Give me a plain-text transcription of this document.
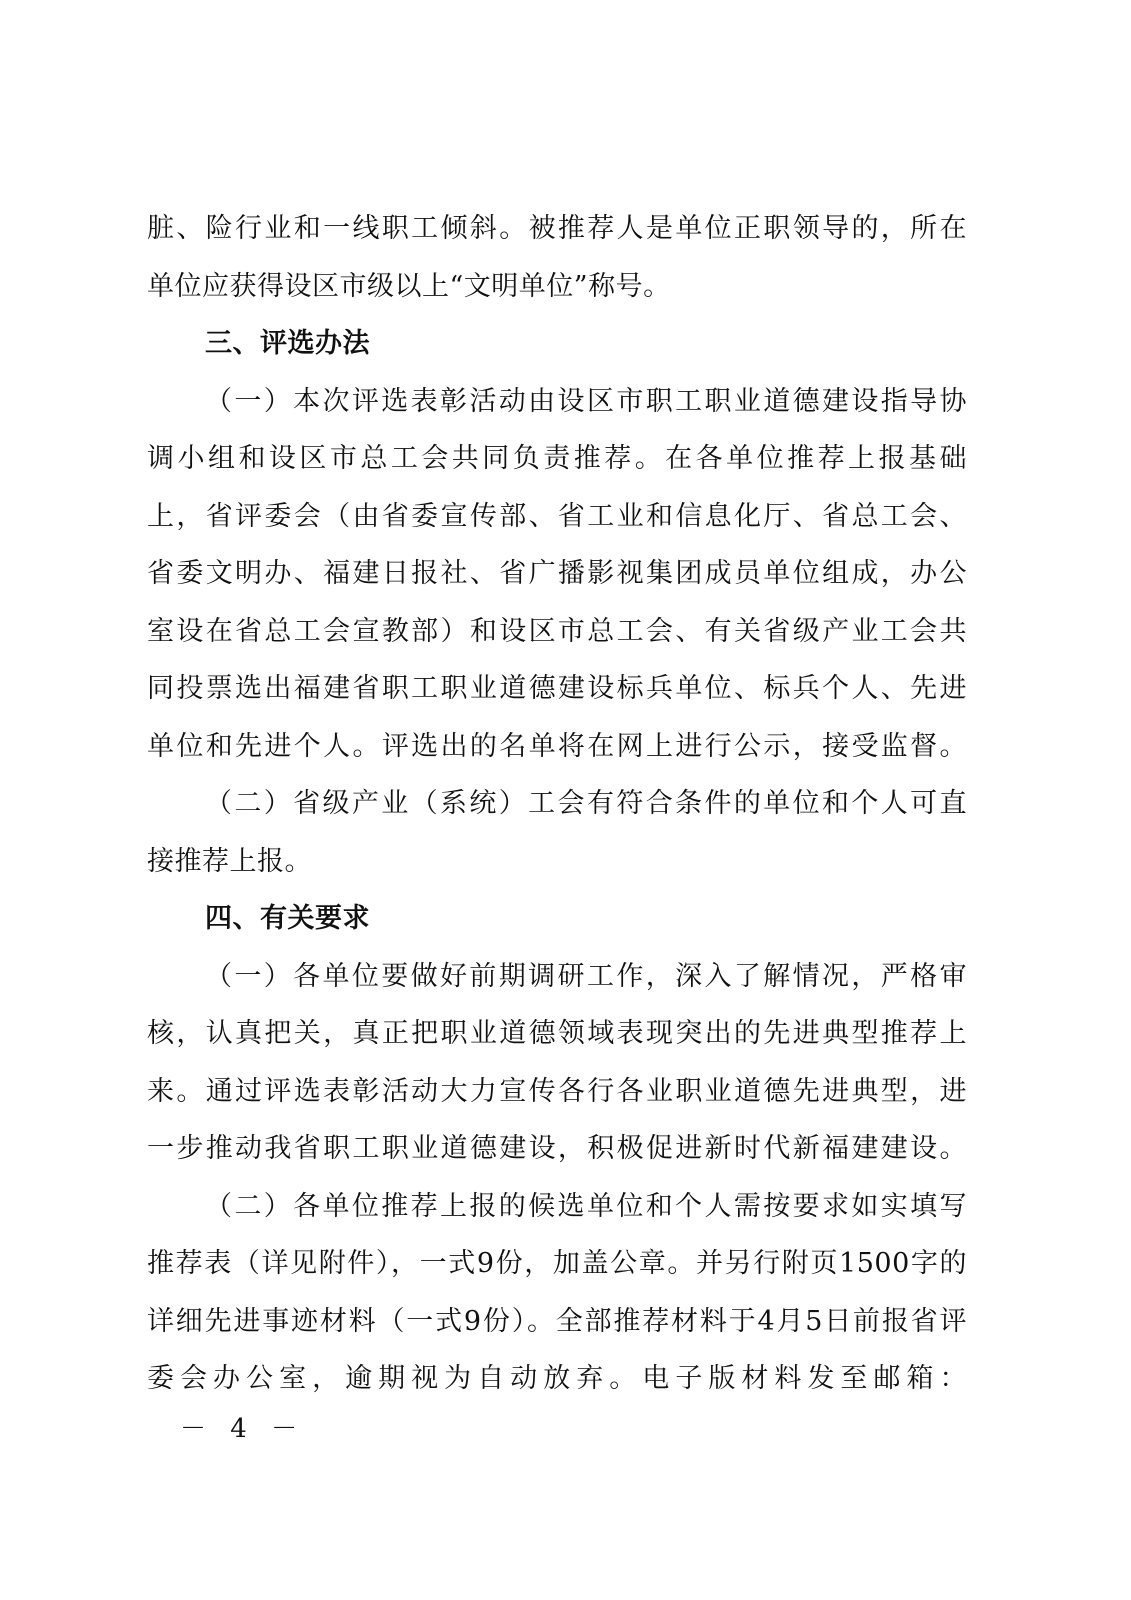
脏、险行业和一线职工倾斜。被推荐人是单位正职领导的，所在
单位应获得设区市级以上“文明单位”称号。
三、评选办法
（一）本次评选表彰活动由设区市职工职业道德建设指导协
调小组和设区市总工会共同负责推荐。在各单位推荐上报基础
上，省评委会（由省委宣传部、省工业和信息化厅、省总工会、
省委文明办、福建日报社、省广播影视集团成员单位组成，办公
室设在省总工会宣教部）和设区市总工会、有关省级产业工会共
同投票选出福建省职工职业道德建设标兵单位、标兵个人、先进
单位和先进个人。评选出的名单将在网上进行公示，接受监督。
（二）省级产业（系统）工会有符合条件的单位和个人可直
接推荐上报。
四、有关要求
（一）各单位要做好前期调研工作，深入了解情况，严格审
核，认真把关，真正把职业道德领域表现突出的先进典型推荐上
来。通过评选表彰活动大力宣传各行各业职业道德先进典型，进
一步推动我省职工职业道德建设，积极促进新时代新福建建设。
（二）各单位推荐上报的候选单位和个人需按要求如实填写
推荐表（详见附件），一式9份，加盖公章。并另行附页1500字的
详细先进事迹材料（一式9份）。全部推荐材料于4月5日前报省评
委会办公室，逾期视为自动放弃。电子版材料发至邮箱：
－ 4 －
